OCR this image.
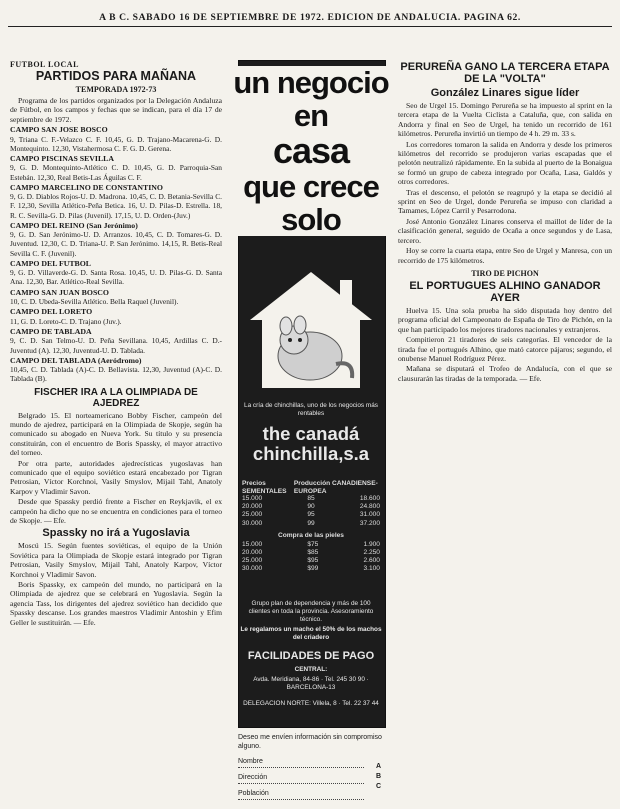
A B C. SABADO 16 DE SEPTIEMBRE DE 1972. EDICION DE ANDALUCIA. PAGINA 62.
FUTBOL LOCAL
PARTIDOS PARA MAÑANA
TEMPORADA 1972-73

Programa de los partidos organizados por la Delegación Andaluza de Fútbol, en los campos y fechas que se indican, para el día 17 de septiembre de 1972.

CAMPO SAN JOSE BOSCO

9, Triana C. F.-Velazco C. F. 10,45, G. D. Trajano-Macarena-G. D. Montequinto. 12,30, Vistahermosa C. F. G. D. Gerena.

CAMPO PISCINAS SEVILLA

9, G. D. Montequinto-Atlético C. D. 10,45, G. D. Parroquia-San Estebán. 12,30, Real Betis-Las Águilas C. F.

CAMPO MARCELINO DE CONSTANTINO

9, G. D. Diablos Rojos-U. D. Madrona. 10,45, C. D. Betania-Sevilla C. F. 12,30, Sevilla Atlético-Peña Betica. 16, U. D. Pilas-D. Estrella. 18, R. C. Sevilla-G. D. Pilas (Juvenil). 17,15, U. D. Orden-(Juv.)

CAMPO DEL REINO (San Jerónimo)

9, G. D. San Jerónimo-U. D. Arranzos. 10,45, C. D. Tomares-G. D. Juventud. 12,30, C. D. Triana-U. P. San Jerónimo. 14,15, R. Betis-Real Sevilla C. F. (Juvenil).

CAMPO DEL FUTBOL

9, G. D. Villaverde-G. D. Santa Rosa. 10,45, U. D. Pilas-G. D. Santa Ana. 12,30, Bar. Atlético-Real Sevilla.

CAMPO SAN JUAN BOSCO

10, C. D. Ubeda-Sevilla Atlético. Bella Raquel (Juvenil).

CAMPO DEL LORETO

11, G. D. Loreto-C. D. Trajano (Juv.).

CAMPO DE TABLADA

9, C. D. San Telmo-U. D. Peña Sevillana. 10,45, Ardillas C. D.-Juventud (A). 12,30, Juventud-U. D. Tablada.

CAMPO DEL TABLADA (Aeródromo)

10,45, C. D. Tablada (A)-C. D. Bellavista. 12,30, Juventud (A)-C. D. Tablada (B).

FISCHER IRA A LA OLIMPIADA DE AJEDREZ

Belgrado 15. El norteamericano Bobby Fischer, campeón del mundo de ajedrez, participará en la Olimpiada de Skopje, según ha comunicado su abogado en Nueva York. Su título y su presencia constituirán, con el encuentro de Boris Spassky, el mayor atractivo del torneo.

Por otra parte, autoridades ajedrecísticas yugoslavas han comunicado que el equipo soviético estará encabezado por Tigran Petrosian, Víctor Korchnoi, Vasily Smyslov, Mijail Tahl, Anatoly Karpov y Vladimir Savon.

Desde que Spassky perdió frente a Fischer en Reykjavik, el ex campeón ha dicho que no se encuentra en condiciones para el torneo de Skopje. — Efe.

Spassky no irá a Yugoslavia

Moscú 15. Según fuentes soviéticas, el equipo de la Unión Soviética para la Olimpiada de Skopje estará integrado por Tigran Petrosian, Vasily Smyslov, Mijail Tahl, Anatoly Karpov, Víctor Korchnoi y Vladimir Savon.

Boris Spassky, ex campeón del mundo, no participará en la Olimpiada de ajedrez que se celebrará en Yugoslavia. Según la agencia Tass, los dirigentes del ajedrez soviético han decidido que Spassky descanse. Los grandes maestros Vladimir Antoshin y Efim Geller le sustituirán. — Efe.

un negocio en
casa
que crece solo
La cría de chinchillas, uno de los negocios más rentables
the canadá
chinchilla,s.a
Precios SEMENTALES
Producción CANADIENSE-EUROPEA
15.000	85	18.600
20.000	90	24.800
25.000	95	31.000
30.000	99	37.200
Compra de las pieles
15.000	$75	1.900
20.000	$85	2.250
25.000	$95	2.600
30.000	$99	3.100
Grupo plan de dependencia y más de 100 clientes en toda la provincia. Asesoramiento técnico.
Le regalamos un macho el 50% de los machos del criadero
FACILIDADES DE PAGO
CENTRAL:
Avda. Meridiana, 84-86 · Tel. 245 30 90 · BARCELONA-13
DELEGACION NORTE: Villela, 8 · Tel. 22 37 44
Deseo me envíen información sin compromiso alguno.
Nombre
Dirección
Población
ABC
PERUREÑA GANO LA TERCERA ETAPA DE LA "VOLTA"
González Linares sigue líder

Seo de Urgel 15. Domingo Perureña se ha impuesto al sprint en la tercera etapa de la Vuelta Ciclista a Cataluña, que, con salida en Andorra y final en Seo de Urgel, ha tenido un recorrido de 161 kilómetros. Perureña invirtió un tiempo de 4 h. 29 m. 33 s.

Los corredores tomaron la salida en Andorra y desde los primeros kilómetros del recorrido se produjeron varias escapadas que el pelotón neutralizó rápidamente. En la subida al puerto de la Bonaigua se formó un grupo de cabeza integrado por Ocaña, Lasa, Galdós y otros corredores.

Tras el descenso, el pelotón se reagrupó y la etapa se decidió al sprint en Seo de Urgel, donde Perureña se impuso con claridad a Tamames, López Carril y Pesarrodona.

José Antonio González Linares conserva el maillot de líder de la clasificación general, seguido de Ocaña a once segundos y de Lasa, tercero.

Hoy se corre la cuarta etapa, entre Seo de Urgel y Manresa, con un recorrido de 175 kilómetros.

TIRO DE PICHON
EL PORTUGUES ALHINO GANADOR AYER

Huelva 15. Una sola prueba ha sido disputada hoy dentro del programa oficial del Campeonato de España de Tiro de Pichón, en la que han participado los mejores tiradores nacionales y extranjeros.

Compitieron 21 tiradores de seis categorías. El vencedor de la tirada fue el portugués Alhino, que mató catorce pájaros; segundo, el onubense Manuel Rodríguez Pérez.

Mañana se disputará el Trofeo de Andalucía, con el que se clausurarán las tiradas de la temporada. — Efe.
